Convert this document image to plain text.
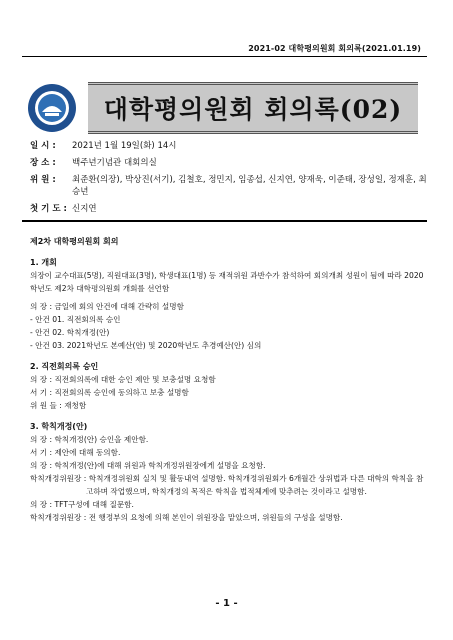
2021-02 대학평의원회 회의록(2021.01.19)
대학평의원회 회의록(02)
일 시 :	2021년 1월 19일(화) 14시
장 소 :	백주년기념관 대회의실
위 원 :	최준환(의장), 박상진(서기), 김철호, 정민지, 임종섭, 신지연, 양재욱, 이준태, 장성일, 정재훈, 최승년
첫 기 도 : 신지연
제2차 대학평의원회 회의
1. 개회
의장이 교수대표(5명), 직원대표(3명), 학생대표(1명) 등 재적위원 과반수가 참석하여 회의개최 성원이 됨에 따라 2020학년도 제2차 대학평의원회 개회를 선언함
의 장 : 금일에 회의 안건에 대해 간략히 설명함
- 안건 01. 직전회의록 승인
- 안건 02. 학칙개정(안)
- 안건 03. 2021학년도 본예산(안) 및 2020학년도 추경예산(안) 심의
2. 직전회의록 승인
의 장 : 직전회의록에 대한 승인 제안 및 보충설명 요청함
서 기 : 직전회의록 승인에 동의하고 보충 설명함
위 원 들 : 재청함
3. 학칙개정(안)
의 장 : 학칙개정(안) 승인을 제안함.
서 기 : 제안에 대해 동의함.
의 장 : 학칙개정(안)에 대해 위원과 학칙개정위원장에게 설명을 요청함.
학칙개정위원장 : 학칙개정위원회 실치 및 활동내역 설명함. 학칙개정위원회가 6개월간 상위법과 다른 대학의 학칙을 참고하며 작업했으며, 학칙개정의 목적은 학칙을 법적체계에 맞추려는 것이라고 설명함.
의 장 : TFT구성에 대해 질문함.
학칙개정위원장 : 전 행정부의 요청에 의해 본인이 위원장을 맡았으며, 위원들의 구성을 설명함.
- 1 -
